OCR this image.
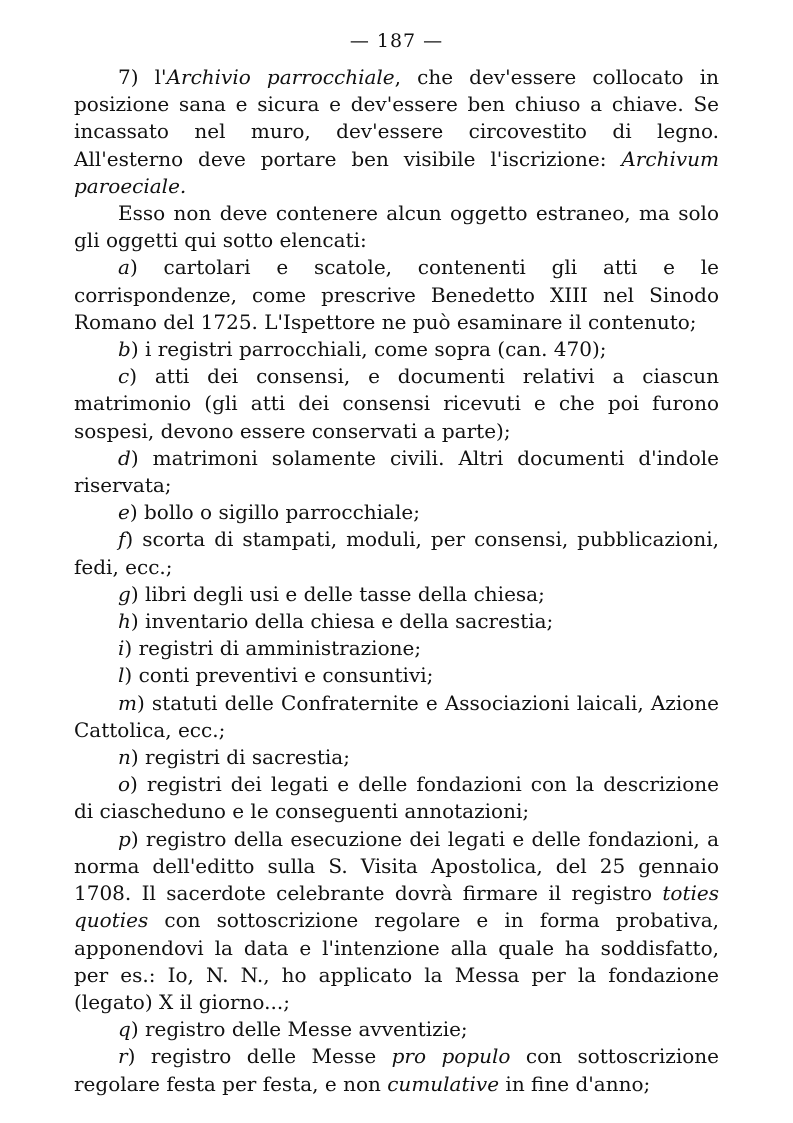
— 187 —

7) l'Archivio parrocchiale, che dev'essere collocato in posizione sana e sicura e dev'essere ben chiuso a chiave. Se incassato nel muro, dev'essere circovestito di legno. All'esterno deve portare ben visibile l'iscrizione: Archivum paroeciale.

Esso non deve contenere alcun oggetto estraneo, ma solo gli oggetti qui sotto elencati:

a) cartolari e scatole, contenenti gli atti e le corrispondenze, come prescrive Benedetto XIII nel Sinodo Romano del 1725. L'Ispettore ne può esaminare il contenuto;

b) i registri parrocchiali, come sopra (can. 470);

c) atti dei consensi, e documenti relativi a ciascun matrimonio (gli atti dei consensi ricevuti e che poi furono sospesi, devono essere conservati a parte);

d) matrimoni solamente civili. Altri documenti d'indole riservata;

e) bollo o sigillo parrocchiale;

f) scorta di stampati, moduli, per consensi, pubblicazioni, fedi, ecc.;

g) libri degli usi e delle tasse della chiesa;

h) inventario della chiesa e della sacrestia;

i) registri di amministrazione;

l) conti preventivi e consuntivi;

m) statuti delle Confraternite e Associazioni laicali, Azione Cattolica, ecc.;

n) registri di sacrestia;

o) registri dei legati e delle fondazioni con la descrizione di ciascheduno e le conseguenti annotazioni;

p) registro della esecuzione dei legati e delle fondazioni, a norma dell'editto sulla S. Visita Apostolica, del 25 gennaio 1708. Il sacerdote celebrante dovrà firmare il registro toties quoties con sottoscrizione regolare e in forma probativa, apponendovi la data e l'intenzione alla quale ha soddisfatto, per es.: Io, N. N., ho applicato la Messa per la fondazione (legato) X il giorno...;

q) registro delle Messe avventizie;

r) registro delle Messe pro populo con sottoscrizione regolare festa per festa, e non cumulative in fine d'anno;
